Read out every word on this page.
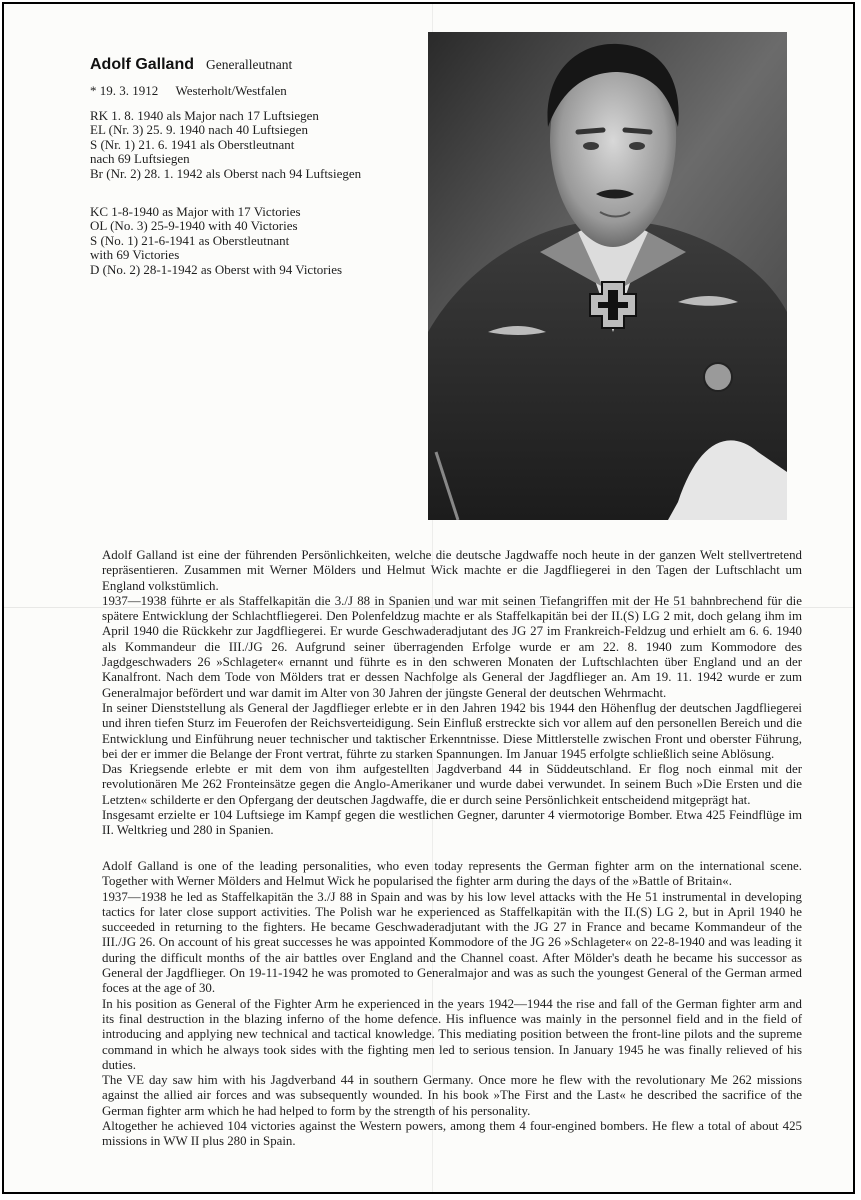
Adolf Galland Generalleutnant
* 19. 3. 1912 Westerholt/Westfalen
RK 1. 8. 1940 als Major nach 17 Luftsiegen
EL (Nr. 3) 25. 9. 1940 nach 40 Luftsiegen
S (Nr. 1) 21. 6. 1941 als Oberstleutnant
nach 69 Luftsiegen
Br (Nr. 2) 28. 1. 1942 als Oberst nach 94 Luftsiegen
KC 1-8-1940 as Major with 17 Victories
OL (No. 3) 25-9-1940 with 40 Victories
S (No. 1) 21-6-1941 as Oberstleutnant
with 69 Victories
D (No. 2) 28-1-1942 as Oberst with 94 Victories

Adolf Galland ist eine der führenden Persönlichkeiten, welche die deutsche Jagdwaffe noch heute in der ganzen Welt stellvertretend repräsentieren. Zusammen mit Werner Mölders und Helmut Wick machte er die Jagdfliegerei in den Tagen der Luftschlacht um England volkstümlich.

1937—1938 führte er als Staffelkapitän die 3./J 88 in Spanien und war mit seinen Tiefangriffen mit der He 51 bahnbrechend für die spätere Entwicklung der Schlachtfliegerei. Den Polenfeldzug machte er als Staffelkapitän bei der II.(S) LG 2 mit, doch gelang ihm im April 1940 die Rückkehr zur Jagdfliegerei. Er wurde Geschwaderadjutant des JG 27 im Frankreich-Feldzug und erhielt am 6. 6. 1940 als Kommandeur die III./JG 26. Aufgrund seiner überragenden Erfolge wurde er am 22. 8. 1940 zum Kommodore des Jagdgeschwaders 26 »Schlageter« ernannt und führte es in den schweren Monaten der Luftschlachten über England und an der Kanalfront. Nach dem Tode von Mölders trat er dessen Nachfolge als General der Jagdflieger an. Am 19. 11. 1942 wurde er zum Generalmajor befördert und war damit im Alter von 30 Jahren der jüngste General der deutschen Wehrmacht.

In seiner Dienststellung als General der Jagdflieger erlebte er in den Jahren 1942 bis 1944 den Höhenflug der deutschen Jagdfliegerei und ihren tiefen Sturz im Feuerofen der Reichsverteidigung. Sein Einfluß erstreckte sich vor allem auf den personellen Bereich und die Entwicklung und Einführung neuer technischer und taktischer Erkenntnisse. Diese Mittlerstelle zwischen Front und oberster Führung, bei der er immer die Belange der Front vertrat, führte zu starken Spannungen. Im Januar 1945 erfolgte schließlich seine Ablösung.

Das Kriegsende erlebte er mit dem von ihm aufgestellten Jagdverband 44 in Süddeutschland. Er flog noch einmal mit der revolutionären Me 262 Fronteinsätze gegen die Anglo-Amerikaner und wurde dabei verwundet. In seinem Buch »Die Ersten und die Letzten« schilderte er den Opfergang der deutschen Jagdwaffe, die er durch seine Persönlichkeit entscheidend mitgeprägt hat.

Insgesamt erzielte er 104 Luftsiege im Kampf gegen die westlichen Gegner, darunter 4 viermotorige Bomber. Etwa 425 Feindflüge im II. Weltkrieg und 280 in Spanien.

Adolf Galland is one of the leading personalities, who even today represents the German fighter arm on the international scene. Together with Werner Mölders and Helmut Wick he popularised the fighter arm during the days of the »Battle of Britain«.

1937—1938 he led as Staffelkapitän the 3./J 88 in Spain and was by his low level attacks with the He 51 instrumental in developing tactics for later close support activities. The Polish war he experienced as Staffelkapitän with the II.(S) LG 2, but in April 1940 he succeeded in returning to the fighters. He became Geschwaderadjutant with the JG 27 in France and became Kommandeur of the III./JG 26. On account of his great successes he was appointed Kommodore of the JG 26 »Schlageter« on 22-8-1940 and was leading it during the difficult months of the air battles over England and the Channel coast. After Mölder's death he became his successor as General der Jagdflieger. On 19-11-1942 he was promoted to Generalmajor and was as such the youngest General of the German armed foces at the age of 30.

In his position as General of the Fighter Arm he experienced in the years 1942—1944 the rise and fall of the German fighter arm and its final destruction in the blazing inferno of the home defence. His influence was mainly in the personnel field and in the field of introducing and applying new technical and tactical knowledge. This mediating position between the front-line pilots and the supreme command in which he always took sides with the fighting men led to serious tension. In January 1945 he was finally relieved of his duties.

The VE day saw him with his Jagdverband 44 in southern Germany. Once more he flew with the revolutionary Me 262 missions against the allied air forces and was subsequently wounded. In his book »The First and the Last« he described the sacrifice of the German fighter arm which he had helped to form by the strength of his personality.

Altogether he achieved 104 victories against the Western powers, among them 4 four-engined bombers. He flew a total of about 425 missions in WW II plus 280 in Spain.
